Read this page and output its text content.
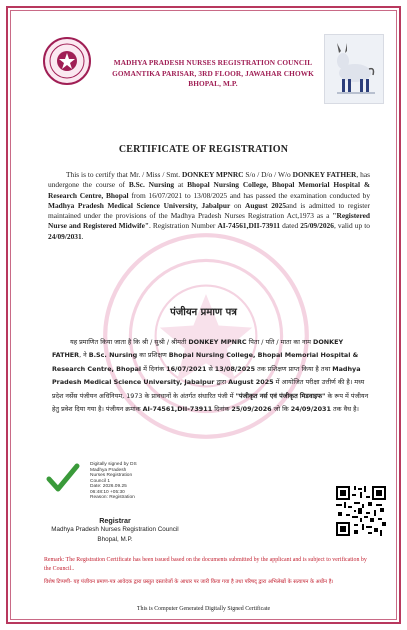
MADHYA PRADESH NURSES REGISTRATION COUNCIL
GOMANTIKA PARISAR, 3RD FLOOR, JAWAHAR CHOWK
BHOPAL, M.P.
CERTIFICATE OF REGISTRATION
This is to certify that Mr. / Miss / Smt. DONKEY MPNRC S/o / D/o / W/o DONKEY FATHER, has undergone the course of B.Sc. Nursing at Bhopal Nursing College, Bhopal Memorial Hospital & Research Centre, Bhopal from 16/07/2021 to 13/08/2025 and has passed the examination conducted by Madhya Pradesh Medical Science University, Jabalpur on August 2025and is admitted to register maintained under the provisions of the Madhya Pradesh Nurses Registration Act,1973 as a "Registered Nurse and Registered Midwife". Registration Number AI-74561,DII-73911 dated 25/09/2026, valid up to 24/09/2031.
पंजीयन प्रमाण पत्र
यह प्रमाणित किया जाता है कि श्री / सुश्री / श्रीमती DONKEY MPNRC पिता / पति / माता का नाम DONKEY FATHER, ने B.Sc. Nursing का प्रशिक्षण Bhopal Nursing College, Bhopal Memorial Hospital & Research Centre, Bhopal में दिनांक 16/07/2021 से 13/08/2025 तक प्रशिक्षण प्राप्त किया है तथा Madhya Pradesh Medical Science University, Jabalpur द्वारा August 2025 में आयोजित परीक्षा उत्तीर्ण की है। मध्य प्रदेश नर्सेस पंजीयन अधिनियम, 1973 के प्रावधानों के अंतर्गत संधारित पंजी में "पंजीकृत नर्स एवं पंजीकृत मिडवाइफ" के रूप में पंजीयन हेतु प्रवेश दिया गया है। पंजीयन क्रमांक AI-74561,DII-73911 दिनांक 25/09/2026 जो कि 24/09/2031 तक वैध है।
Digitally signed by DS
Madhya Pradesh
Nurses Registration
Council 1
Date: 2026.09.25
06:48:10 +05:30
Reason: Registration
Registrar
Madhya Pradesh Nurses Registration Council
Bhopal, M.P.
Remark: The Registration Certificate has been issued based on the documents submitted by the applicant and is subject to verification by the Council..
विशेष टिप्पणी- यह पंजीयन प्रमाण-पत्र आवेदक द्वारा प्रस्तुत दस्तावेजों के आधार पर जारी किया गया है तथा परिषद् द्वारा अभिलेखों के सत्यापन के अधीन है।
This is Computer Generated Digitally Signed Certificate
